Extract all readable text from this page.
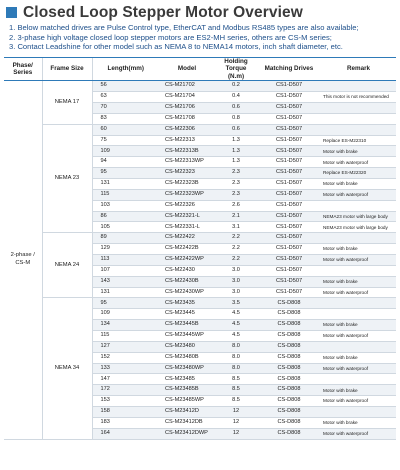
Closed Loop Stepper Motor Overview
1. Below matched drives are Pulse Control type, EtherCAT and Modbus RS485 types are also available;
2. 3-phase high voltage closed loop stepper motors are ES2-MH series, others are CS-M series;
3. Contact Leadshine for other model such as NEMA 8 to NEMA14 motors, inch shaft diameter, etc.
Phase/ Series	Frame Size	Length(mm)	Model	Holding Torque (N.m)	Matching Drives	Remark
2-phase / CS-M	NEMA 17	56	CS-M21702	0.2	CS1-D507	
		63	CS-M21704	0.4	CS1-D507	This motor is not recommended
		70	CS-M21706	0.6	CS1-D507	
		83	CS-M21708	0.8	CS1-D507	
	NEMA 23	60	CS-M22306	0.6	CS1-D507	
		75	CS-M22313	1.3	CS1-D507	Replace ES-M22310
		109	CS-M22313B	1.3	CS1-D507	Motor with brake
		94	CS-M22313WP	1.3	CS1-D507	Motor with waterproof
		95	CS-M22323	2.3	CS1-D507	Replace ES-M22320
		131	CS-M22323B	2.3	CS1-D507	Motor with brake
		115	CS-M22323WP	2.3	CS1-D507	Motor with waterproof
		103	CS-M22326	2.6	CS1-D507	
		86	CS-M22321-L	2.1	CS1-D507	NEMA23 motor with large body
		105	CS-M22331-L	3.1	CS1-D507	NEMA23 motor with large body
	NEMA 24	89	CS-M22422	2.2	CS1-D507	
		129	CS-M22422B	2.2	CS1-D507	Motor with brake
		113	CS-M22422WP	2.2	CS1-D507	Motor with waterproof
		107	CS-M22430	3.0	CS1-D507	
		143	CS-M22430B	3.0	CS1-D507	Motor with brake
		131	CS-M22430WP	3.0	CS1-D507	Motor with waterproof
	NEMA 34	95	CS-M23435	3.5	CS-D808	
		109	CS-M23445	4.5	CS-D808	
		134	CS-M23445B	4.5	CS-D808	Motor with brake
		115	CS-M23445WP	4.5	CS-D808	Motor with waterproof
		127	CS-M23480	8.0	CS-D808	
		152	CS-M23480B	8.0	CS-D808	Motor with brake
		133	CS-M23480WP	8.0	CS-D808	Motor with waterproof
		147	CS-M23485	8.5	CS-D808	
		172	CS-M23485B	8.5	CS-D808	Motor with brake
		153	CS-M23485WP	8.5	CS-D808	Motor with waterproof
		158	CS-M23412D	12	CS-D808	
		183	CS-M23412DB	12	CS-D808	Motor with brake
		164	CS-M23412DWP	12	CS-D808	Motor with waterproof
